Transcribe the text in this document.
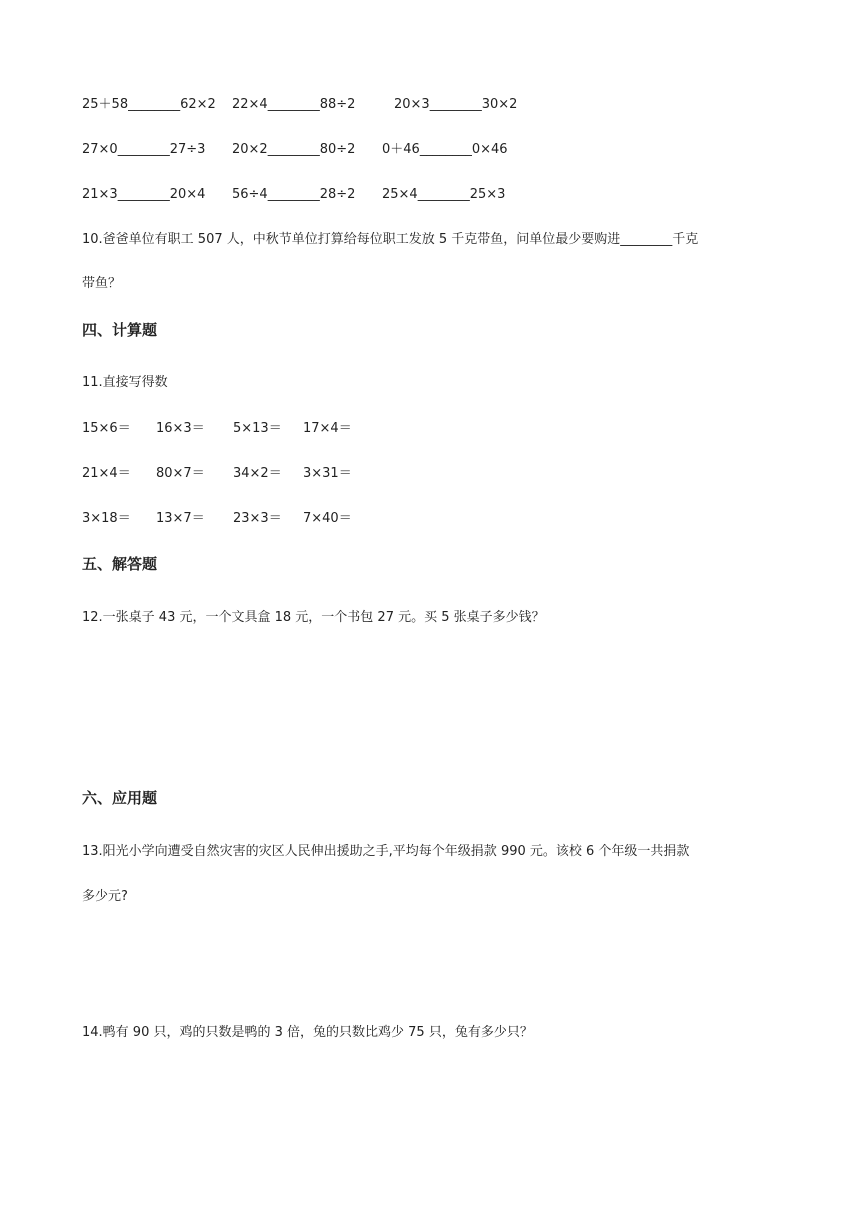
25＋58________62×2	22×4________88÷2	20×3________30×2
27×0________27÷3	20×2________80÷2	0＋46________0×46
21×3________20×4	56÷4________28÷2	25×4________25×3
10.爸爸单位有职工 507 人，中秋节单位打算给每位职工发放 5 千克带鱼，问单位最少要购进________千克
带鱼？
四、计算题
11.直接写得数
15×6＝	16×3＝	5×13＝	17×4＝
21×4＝	80×7＝	34×2＝	3×31＝
3×18＝	13×7＝	23×3＝	7×40＝
五、解答题
12.一张桌子 43 元，一个文具盒 18 元，一个书包 27 元。买 5 张桌子多少钱？
六、应用题
13.阳光小学向遭受自然灾害的灾区人民伸出援助之手,平均每个年级捐款 990 元。该校 6 个年级一共捐款
多少元?
14.鸭有 90 只，鸡的只数是鸭的 3 倍，兔的只数比鸡少 75 只，兔有多少只？
